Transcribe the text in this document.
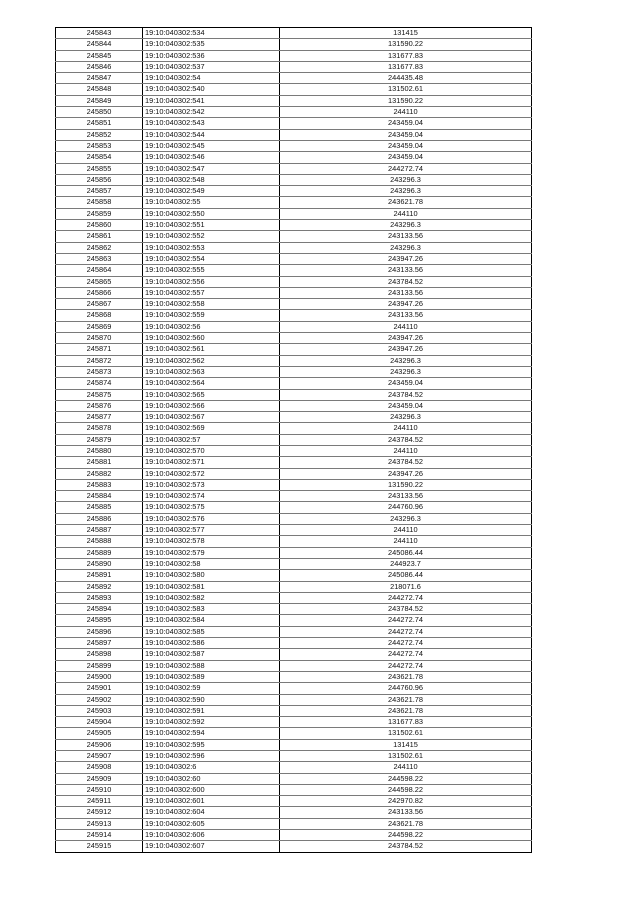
245843	19:10:040302:534	131415
245844	19:10:040302:535	131590.22
245845	19:10:040302:536	131677.83
245846	19:10:040302:537	131677.83
245847	19:10:040302:54	244435.48
245848	19:10:040302:540	131502.61
245849	19:10:040302:541	131590.22
245850	19:10:040302:542	244110
245851	19:10:040302:543	243459.04
245852	19:10:040302:544	243459.04
245853	19:10:040302:545	243459.04
245854	19:10:040302:546	243459.04
245855	19:10:040302:547	244272.74
245856	19:10:040302:548	243296.3
245857	19:10:040302:549	243296.3
245858	19:10:040302:55	243621.78
245859	19:10:040302:550	244110
245860	19:10:040302:551	243296.3
245861	19:10:040302:552	243133.56
245862	19:10:040302:553	243296.3
245863	19:10:040302:554	243947.26
245864	19:10:040302:555	243133.56
245865	19:10:040302:556	243784.52
245866	19:10:040302:557	243133.56
245867	19:10:040302:558	243947.26
245868	19:10:040302:559	243133.56
245869	19:10:040302:56	244110
245870	19:10:040302:560	243947.26
245871	19:10:040302:561	243947.26
245872	19:10:040302:562	243296.3
245873	19:10:040302:563	243296.3
245874	19:10:040302:564	243459.04
245875	19:10:040302:565	243784.52
245876	19:10:040302:566	243459.04
245877	19:10:040302:567	243296.3
245878	19:10:040302:569	244110
245879	19:10:040302:57	243784.52
245880	19:10:040302:570	244110
245881	19:10:040302:571	243784.52
245882	19:10:040302:572	243947.26
245883	19:10:040302:573	131590.22
245884	19:10:040302:574	243133.56
245885	19:10:040302:575	244760.96
245886	19:10:040302:576	243296.3
245887	19:10:040302:577	244110
245888	19:10:040302:578	244110
245889	19:10:040302:579	245086.44
245890	19:10:040302:58	244923.7
245891	19:10:040302:580	245086.44
245892	19:10:040302:581	218071.6
245893	19:10:040302:582	244272.74
245894	19:10:040302:583	243784.52
245895	19:10:040302:584	244272.74
245896	19:10:040302:585	244272.74
245897	19:10:040302:586	244272.74
245898	19:10:040302:587	244272.74
245899	19:10:040302:588	244272.74
245900	19:10:040302:589	243621.78
245901	19:10:040302:59	244760.96
245902	19:10:040302:590	243621.78
245903	19:10:040302:591	243621.78
245904	19:10:040302:592	131677.83
245905	19:10:040302:594	131502.61
245906	19:10:040302:595	131415
245907	19:10:040302:596	131502.61
245908	19:10:040302:6	244110
245909	19:10:040302:60	244598.22
245910	19:10:040302:600	244598.22
245911	19:10:040302:601	242970.82
245912	19:10:040302:604	243133.56
245913	19:10:040302:605	243621.78
245914	19:10:040302:606	244598.22
245915	19:10:040302:607	243784.52
